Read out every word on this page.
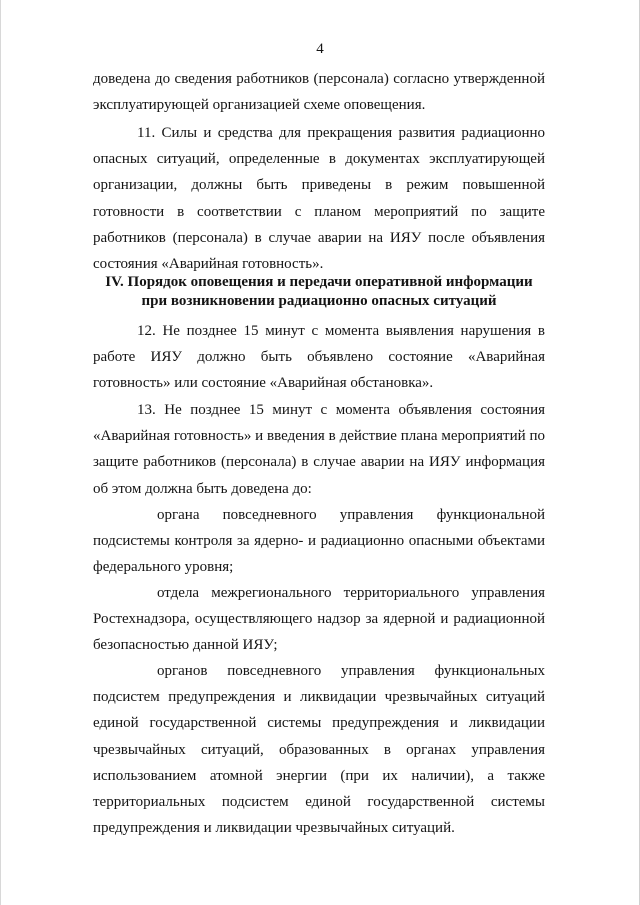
4

доведена до сведения работников (персонала) согласно утвержденной эксплуатирующей организацией схеме оповещения.

11. Силы и средства для прекращения развития радиационно опасных ситуаций, определенные в документах эксплуатирующей организации, должны быть приведены в режим повышенной готовности в соответствии с планом мероприятий по защите работников (персонала) в случае аварии на ИЯУ после объявления состояния «Аварийная готовность».

IV. Порядок оповещения и передачи оперативной информации
при возникновении радиационно опасных ситуаций

12. Не позднее 15 минут с момента выявления нарушения в работе ИЯУ должно быть объявлено состояние «Аварийная готовность» или состояние «Аварийная обстановка».

13. Не позднее 15 минут с момента объявления состояния «Аварийная готовность» и введения в действие плана мероприятий по защите работников (персонала) в случае аварии на ИЯУ информация об этом должна быть доведена до:

органа повседневного управления функциональной подсистемы контроля за ядерно- и радиационно опасными объектами федерального уровня;

отдела межрегионального территориального управления Ростехнадзора, осуществляющего надзор за ядерной и радиационной безопасностью данной ИЯУ;

органов повседневного управления функциональных подсистем предупреждения и ликвидации чрезвычайных ситуаций единой государственной системы предупреждения и ликвидации чрезвычайных ситуаций, образованных в органах управления использованием атомной энергии (при их наличии), а также территориальных подсистем единой государственной системы предупреждения и ликвидации чрезвычайных ситуаций.
